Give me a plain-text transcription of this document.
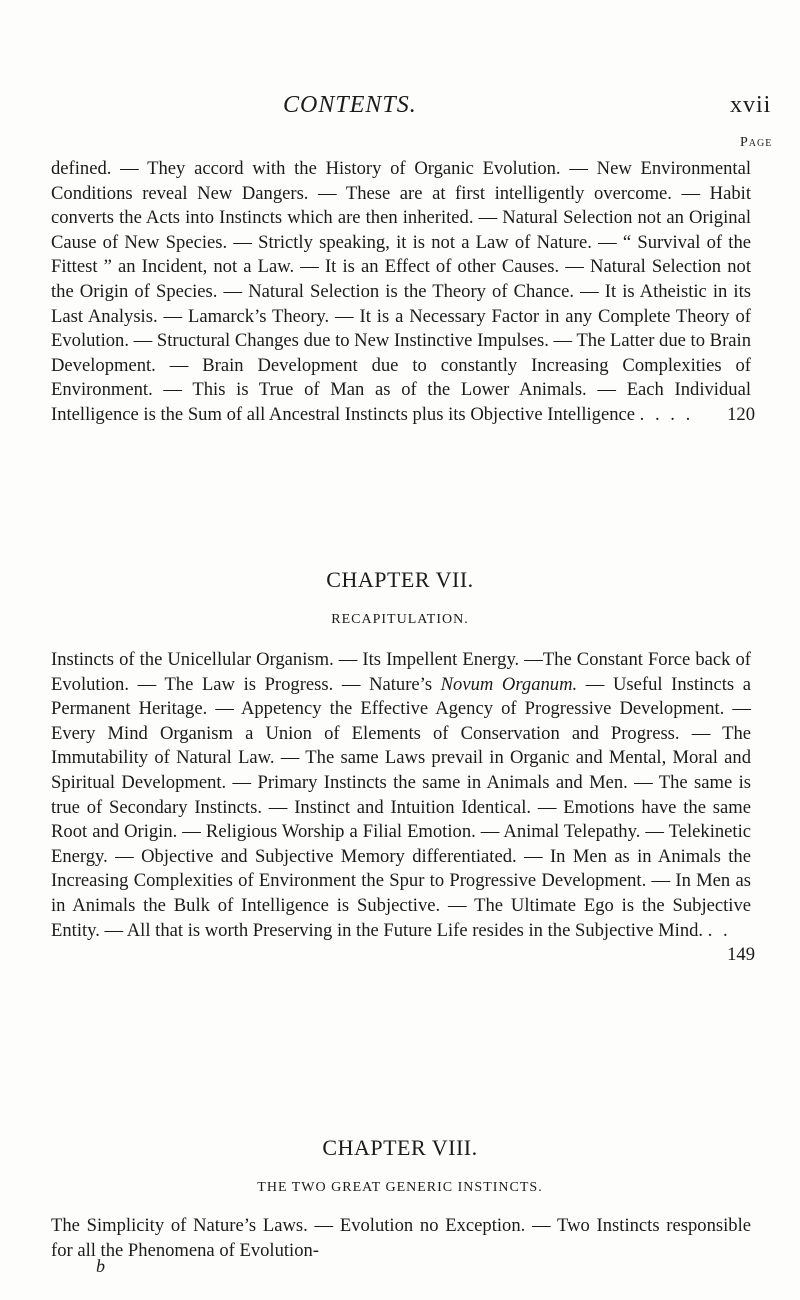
CONTENTS.	xvii
Page
defined. — They accord with the History of Organic Evolution. — New Environmental Conditions reveal New Dangers. — These are at first intelligently overcome. — Habit converts the Acts into Instincts which are then inherited. — Natural Selection not an Original Cause of New Species. — Strictly speaking, it is not a Law of Nature. — “ Survival of the Fittest ” an Incident, not a Law. — It is an Effect of other Causes. — Natural Selection not the Origin of Species. — Natural Selection is the Theory of Chance. — It is Atheistic in its Last Analysis. — Lamarck’s Theory. — It is a Necessary Factor in any Complete Theory of Evolution. — Structural Changes due to New Instinctive Impulses. — The Latter due to Brain Development. — Brain Development due to constantly Increasing Complexities of Environment. — This is True of Man as of the Lower Animals. — Each Individual Intelligence is the Sum of all Ancestral Instincts plus its Objective Intelligence . . . . 120
CHAPTER VII.
RECAPITULATION.
Instincts of the Unicellular Organism. — Its Impellent Energy. —The Constant Force back of Evolution. — The Law is Progress. — Nature’s Novum Organum. — Useful Instincts a Permanent Heritage. — Appetency the Effective Agency of Progressive Development. — Every Mind Organism a Union of Elements of Conservation and Progress. — The Immutability of Natural Law. — The same Laws prevail in Organic and Mental, Moral and Spiritual Development. — Primary Instincts the same in Animals and Men. — The same is true of Secondary Instincts. — Instinct and Intuition Identical. — Emotions have the same Root and Origin. — Religious Worship a Filial Emotion. — Animal Telepathy. — Telekinetic Energy. — Objective and Subjective Memory differentiated. — In Men as in Animals the Increasing Complexities of Environment the Spur to Progressive Development. — In Men as in Animals the Bulk of Intelligence is Subjective. — The Ultimate Ego is the Subjective Entity. — All that is worth Preserving in the Future Life resides in the Subjective Mind. . .
149
CHAPTER VIII.
THE TWO GREAT GENERIC INSTINCTS.
The Simplicity of Nature’s Laws. — Evolution no Exception. — Two Instincts responsible for all the Phenomena of Evolution-
b
